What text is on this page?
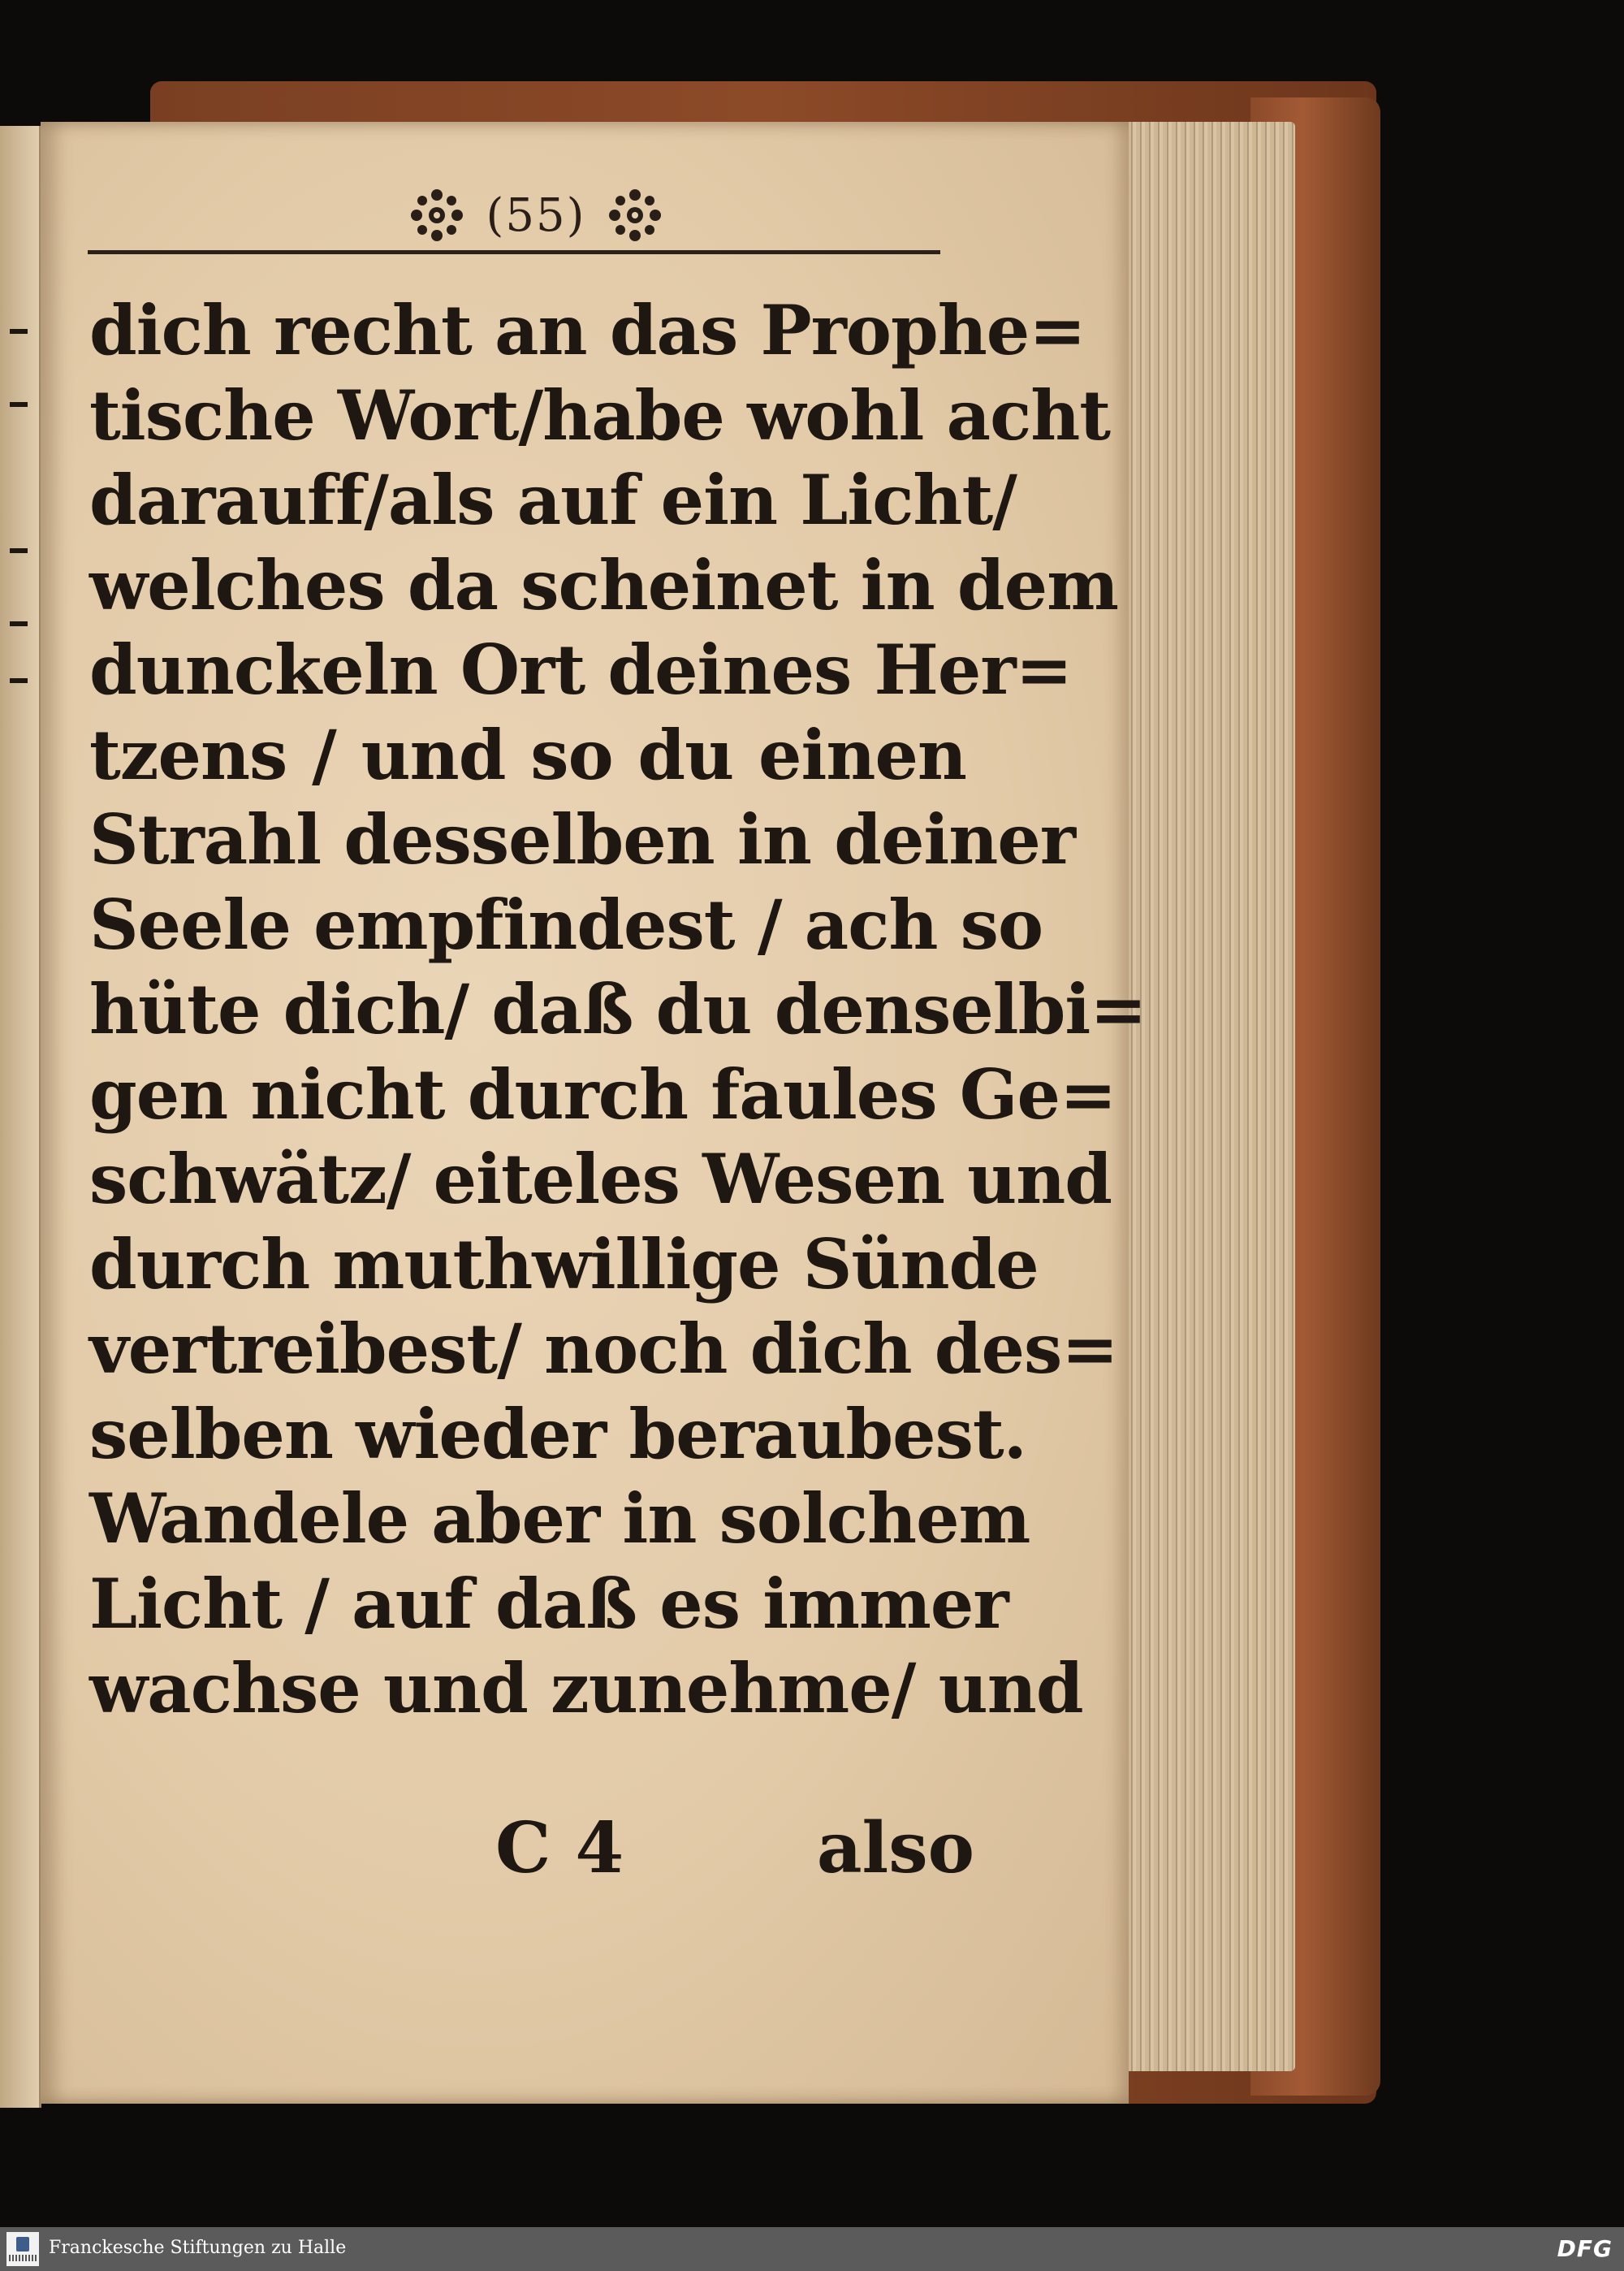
(55)
dich recht an das Prophe=
tische Wort/habe wohl acht
darauff/als auf ein Licht/
welches da scheinet in dem
dunckeln Ort deines Her=
tzens / und so du einen
Strahl desselben in deiner
Seele empfindest / ach so
hüte dich/ daß du denselbi=
gen nicht durch faules Ge=
schwätz/ eiteles Wesen und
durch muthwillige Sünde
vertreibest/ noch dich des=
selben wieder beraubest.
Wandele aber in solchem
Licht / auf daß es immer
wachse und zunehme/ und
C 4	also
Franckesche Stiftungen zu Halle	DFG
